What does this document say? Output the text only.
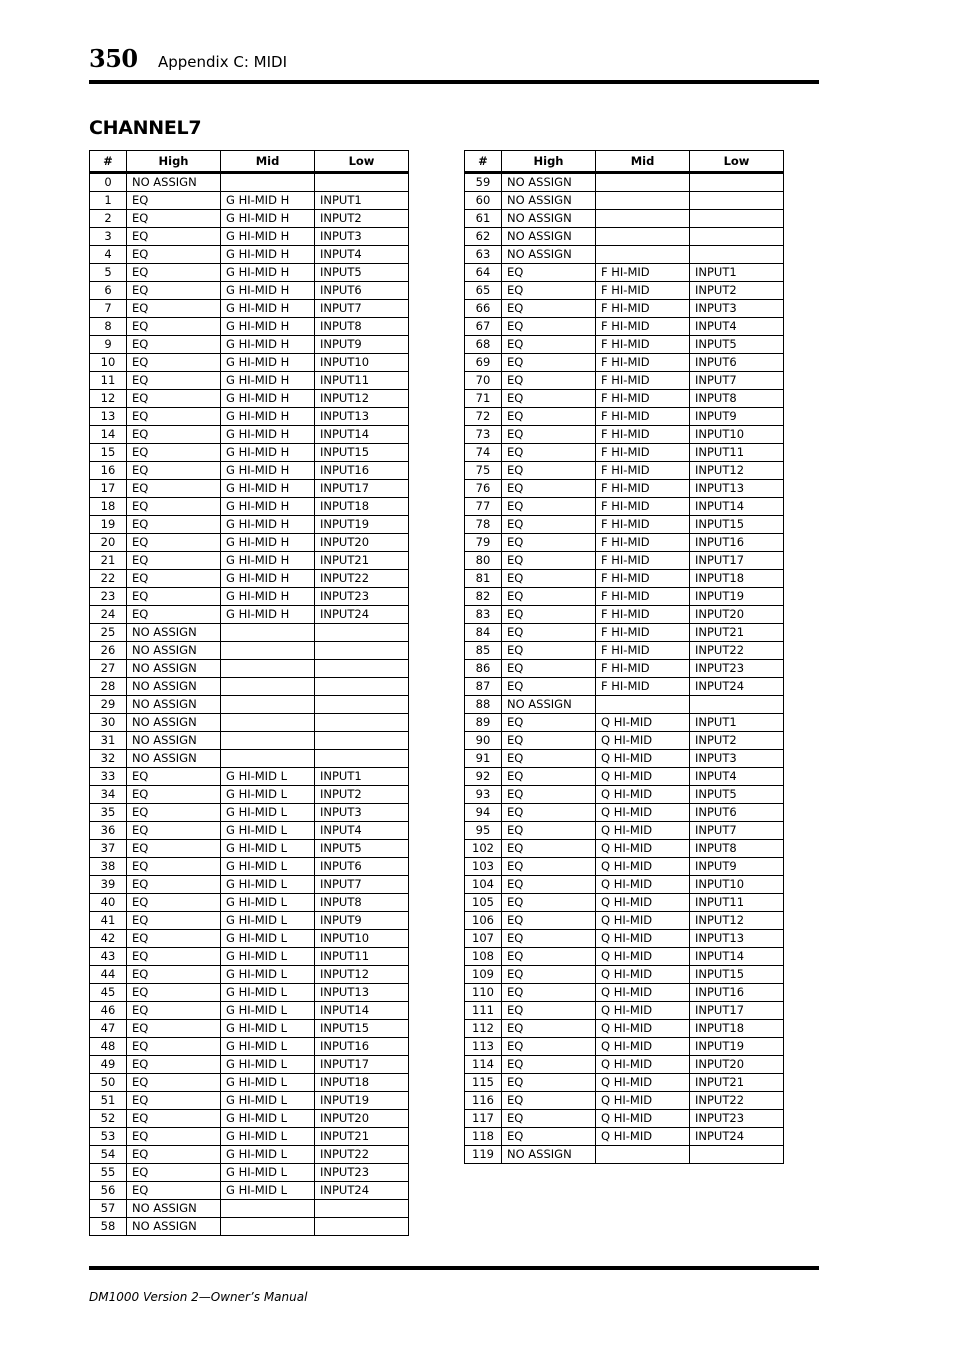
350 Appendix C: MIDI
CHANNEL7
#	High	Mid	Low
0	NO ASSIGN		
1	EQ	G HI-MID H	INPUT1
2	EQ	G HI-MID H	INPUT2
3	EQ	G HI-MID H	INPUT3
4	EQ	G HI-MID H	INPUT4
5	EQ	G HI-MID H	INPUT5
6	EQ	G HI-MID H	INPUT6
7	EQ	G HI-MID H	INPUT7
8	EQ	G HI-MID H	INPUT8
9	EQ	G HI-MID H	INPUT9
10	EQ	G HI-MID H	INPUT10
11	EQ	G HI-MID H	INPUT11
12	EQ	G HI-MID H	INPUT12
13	EQ	G HI-MID H	INPUT13
14	EQ	G HI-MID H	INPUT14
15	EQ	G HI-MID H	INPUT15
16	EQ	G HI-MID H	INPUT16
17	EQ	G HI-MID H	INPUT17
18	EQ	G HI-MID H	INPUT18
19	EQ	G HI-MID H	INPUT19
20	EQ	G HI-MID H	INPUT20
21	EQ	G HI-MID H	INPUT21
22	EQ	G HI-MID H	INPUT22
23	EQ	G HI-MID H	INPUT23
24	EQ	G HI-MID H	INPUT24
25	NO ASSIGN		
26	NO ASSIGN		
27	NO ASSIGN		
28	NO ASSIGN		
29	NO ASSIGN		
30	NO ASSIGN		
31	NO ASSIGN		
32	NO ASSIGN		
33	EQ	G HI-MID L	INPUT1
34	EQ	G HI-MID L	INPUT2
35	EQ	G HI-MID L	INPUT3
36	EQ	G HI-MID L	INPUT4
37	EQ	G HI-MID L	INPUT5
38	EQ	G HI-MID L	INPUT6
39	EQ	G HI-MID L	INPUT7
40	EQ	G HI-MID L	INPUT8
41	EQ	G HI-MID L	INPUT9
42	EQ	G HI-MID L	INPUT10
43	EQ	G HI-MID L	INPUT11
44	EQ	G HI-MID L	INPUT12
45	EQ	G HI-MID L	INPUT13
46	EQ	G HI-MID L	INPUT14
47	EQ	G HI-MID L	INPUT15
48	EQ	G HI-MID L	INPUT16
49	EQ	G HI-MID L	INPUT17
50	EQ	G HI-MID L	INPUT18
51	EQ	G HI-MID L	INPUT19
52	EQ	G HI-MID L	INPUT20
53	EQ	G HI-MID L	INPUT21
54	EQ	G HI-MID L	INPUT22
55	EQ	G HI-MID L	INPUT23
56	EQ	G HI-MID L	INPUT24
57	NO ASSIGN		
58	NO ASSIGN		
#	High	Mid	Low
59	NO ASSIGN		
60	NO ASSIGN		
61	NO ASSIGN		
62	NO ASSIGN		
63	NO ASSIGN		
64	EQ	F HI-MID	INPUT1
65	EQ	F HI-MID	INPUT2
66	EQ	F HI-MID	INPUT3
67	EQ	F HI-MID	INPUT4
68	EQ	F HI-MID	INPUT5
69	EQ	F HI-MID	INPUT6
70	EQ	F HI-MID	INPUT7
71	EQ	F HI-MID	INPUT8
72	EQ	F HI-MID	INPUT9
73	EQ	F HI-MID	INPUT10
74	EQ	F HI-MID	INPUT11
75	EQ	F HI-MID	INPUT12
76	EQ	F HI-MID	INPUT13
77	EQ	F HI-MID	INPUT14
78	EQ	F HI-MID	INPUT15
79	EQ	F HI-MID	INPUT16
80	EQ	F HI-MID	INPUT17
81	EQ	F HI-MID	INPUT18
82	EQ	F HI-MID	INPUT19
83	EQ	F HI-MID	INPUT20
84	EQ	F HI-MID	INPUT21
85	EQ	F HI-MID	INPUT22
86	EQ	F HI-MID	INPUT23
87	EQ	F HI-MID	INPUT24
88	NO ASSIGN		
89	EQ	Q HI-MID	INPUT1
90	EQ	Q HI-MID	INPUT2
91	EQ	Q HI-MID	INPUT3
92	EQ	Q HI-MID	INPUT4
93	EQ	Q HI-MID	INPUT5
94	EQ	Q HI-MID	INPUT6
95	EQ	Q HI-MID	INPUT7
102	EQ	Q HI-MID	INPUT8
103	EQ	Q HI-MID	INPUT9
104	EQ	Q HI-MID	INPUT10
105	EQ	Q HI-MID	INPUT11
106	EQ	Q HI-MID	INPUT12
107	EQ	Q HI-MID	INPUT13
108	EQ	Q HI-MID	INPUT14
109	EQ	Q HI-MID	INPUT15
110	EQ	Q HI-MID	INPUT16
111	EQ	Q HI-MID	INPUT17
112	EQ	Q HI-MID	INPUT18
113	EQ	Q HI-MID	INPUT19
114	EQ	Q HI-MID	INPUT20
115	EQ	Q HI-MID	INPUT21
116	EQ	Q HI-MID	INPUT22
117	EQ	Q HI-MID	INPUT23
118	EQ	Q HI-MID	INPUT24
119	NO ASSIGN		
DM1000 Version 2—Owner’s Manual
